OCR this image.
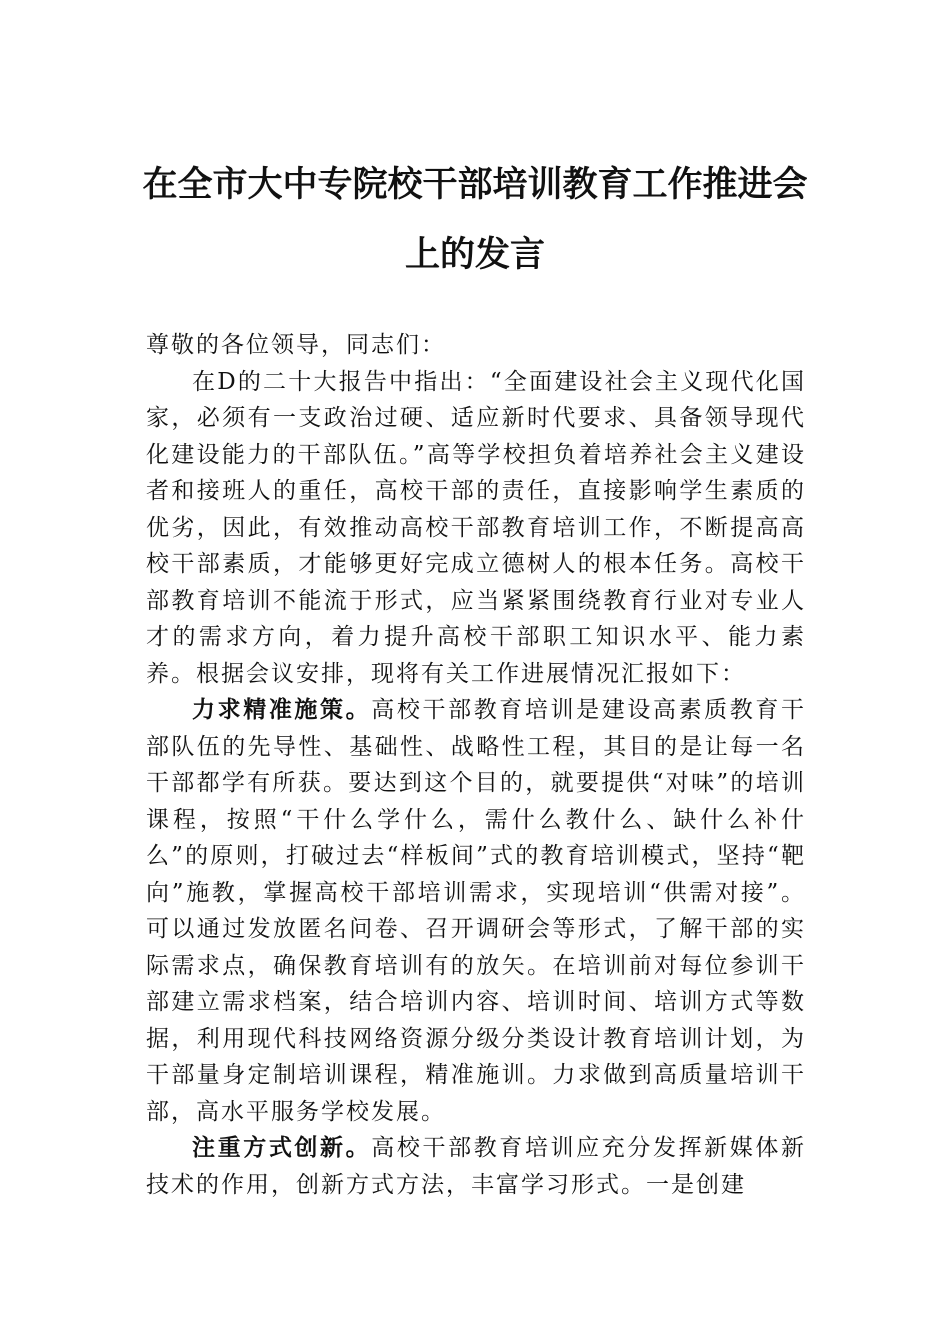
在全市大中专院校干部培训教育工作推进会上的发言

尊敬的各位领导，同志们：

在D的二十大报告中指出：“全面建设社会主义现代化国家，必须有一支政治过硬、适应新时代要求、具备领导现代化建设能力的干部队伍。”高等学校担负着培养社会主义建设者和接班人的重任，高校干部的责任，直接影响学生素质的优劣，因此，有效推动高校干部教育培训工作，不断提高高校干部素质，才能够更好完成立德树人的根本任务。高校干部教育培训不能流于形式，应当紧紧围绕教育行业对专业人才的需求方向，着力提升高校干部职工知识水平、能力素养。根据会议安排，现将有关工作进展情况汇报如下：

力求精准施策。高校干部教育培训是建设高素质教育干部队伍的先导性、基础性、战略性工程，其目的是让每一名干部都学有所获。要达到这个目的，就要提供“对味”的培训课程，按照“干什么学什么，需什么教什么、缺什么补什么”的原则，打破过去“样板间”式的教育培训模式，坚持“靶向”施教，掌握高校干部培训需求，实现培训“供需对接”。可以通过发放匿名问卷、召开调研会等形式，了解干部的实际需求点，确保教育培训有的放矢。在培训前对每位参训干部建立需求档案，结合培训内容、培训时间、培训方式等数据，利用现代科技网络资源分级分类设计教育培训计划，为干部量身定制培训课程，精准施训。力求做到高质量培训干部，高水平服务学校发展。

注重方式创新。高校干部教育培训应充分发挥新媒体新技术的作用，创新方式方法，丰富学习形式。一是创建
